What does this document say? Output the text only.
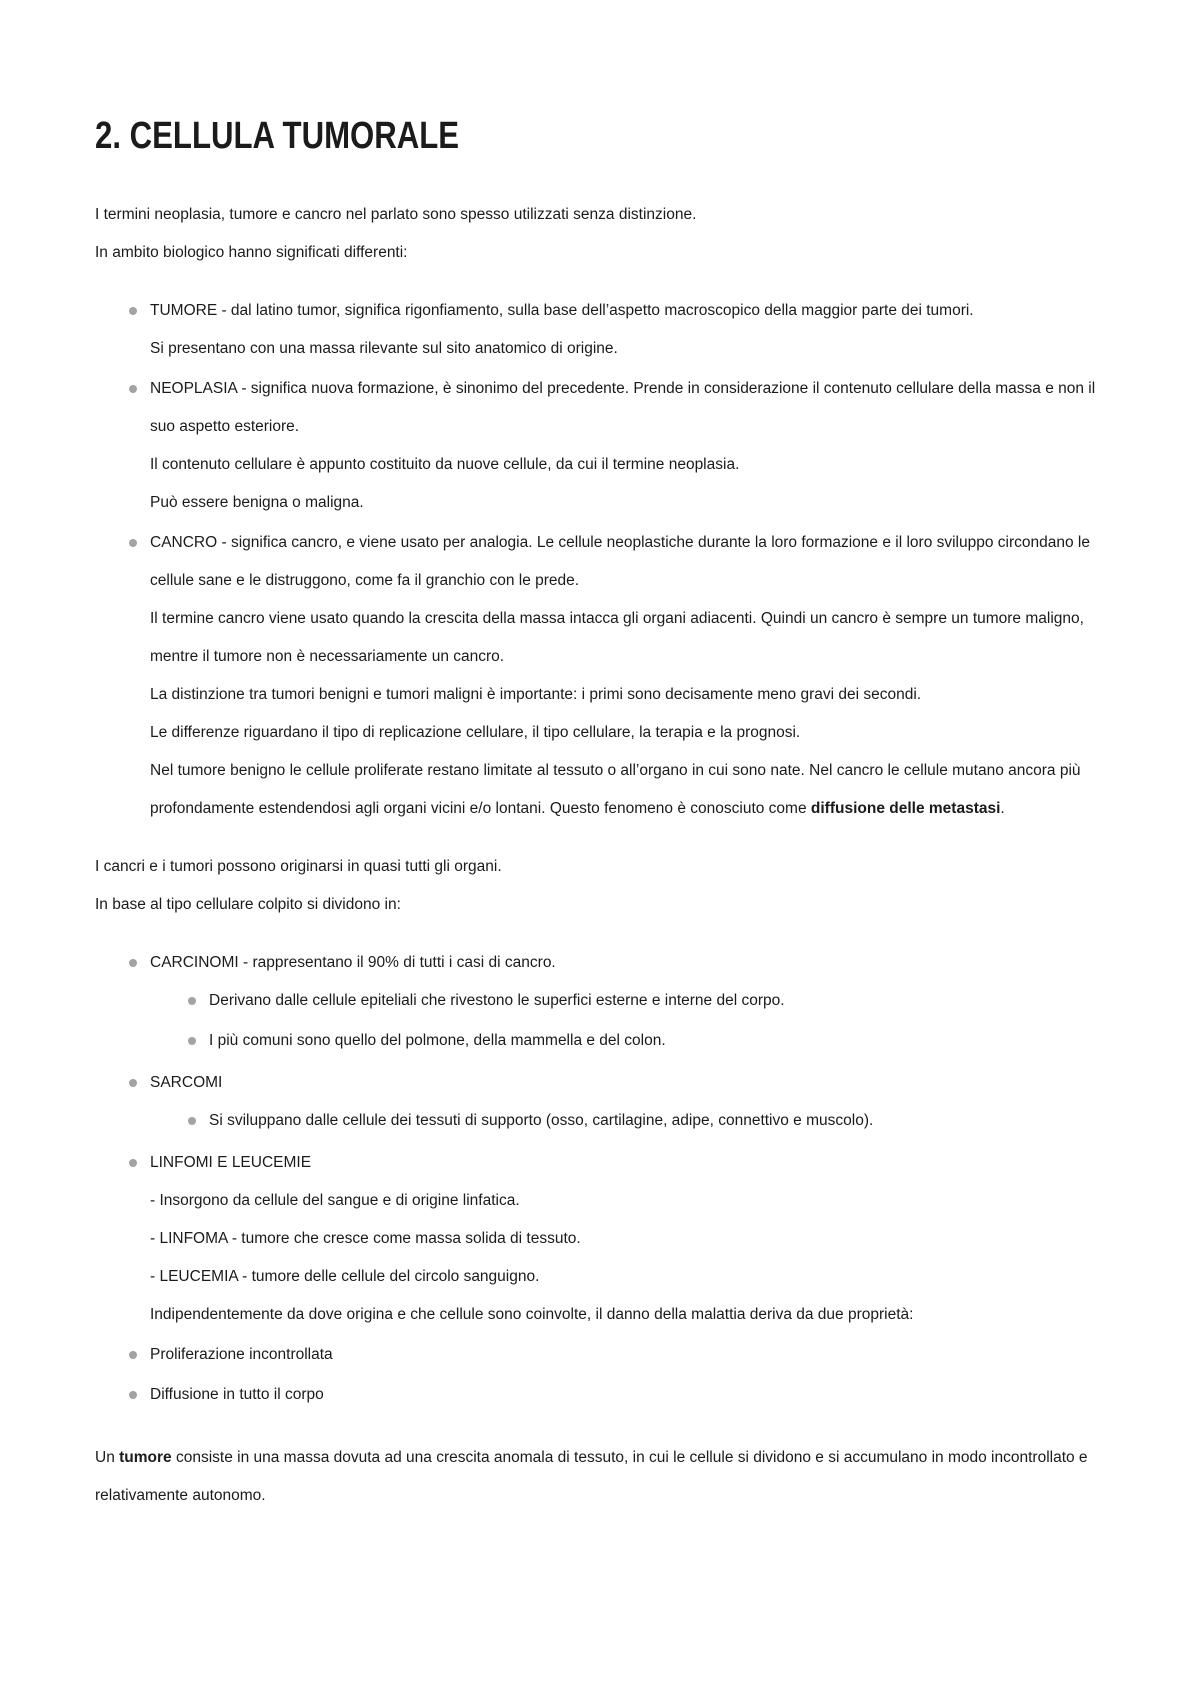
2. CELLULA TUMORALE

I termini neoplasia, tumore e cancro nel parlato sono spesso utilizzati senza distinzione.

In ambito biologico hanno significati differenti:

TUMORE - dal latino tumor, significa rigonfiamento, sulla base dell’aspetto macroscopico della maggior parte dei tumori.

Si presentano con una massa rilevante sul sito anatomico di origine.

NEOPLASIA - significa nuova formazione, è sinonimo del precedente. Prende in considerazione il contenuto cellulare della massa e non il suo aspetto esteriore.

Il contenuto cellulare è appunto costituito da nuove cellule, da cui il termine neoplasia.

Può essere benigna o maligna.

CANCRO - significa cancro, e viene usato per analogia. Le cellule neoplastiche durante la loro formazione e il loro sviluppo circondano le cellule sane e le distruggono, come fa il granchio con le prede.

Il termine cancro viene usato quando la crescita della massa intacca gli organi adiacenti. Quindi un cancro è sempre un tumore maligno, mentre il tumore non è necessariamente un cancro.

La distinzione tra tumori benigni e tumori maligni è importante: i primi sono decisamente meno gravi dei secondi.

Le differenze riguardano il tipo di replicazione cellulare, il tipo cellulare, la terapia e la prognosi.

Nel tumore benigno le cellule proliferate restano limitate al tessuto o all’organo in cui sono nate. Nel cancro le cellule mutano ancora più profondamente estendendosi agli organi vicini e/o lontani. Questo fenomeno è conosciuto come diffusione delle metastasi.

I cancri e i tumori possono originarsi in quasi tutti gli organi.

In base al tipo cellulare colpito si dividono in:

CARCINOMI - rappresentano il 90% di tutti i casi di cancro.

Derivano dalle cellule epiteliali che rivestono le superfici esterne e interne del corpo.

I più comuni sono quello del polmone, della mammella e del colon.

SARCOMI

Si sviluppano dalle cellule dei tessuti di supporto (osso, cartilagine, adipe, connettivo e muscolo).

LINFOMI E LEUCEMIE

- Insorgono da cellule del sangue e di origine linfatica.

- LINFOMA - tumore che cresce come massa solida di tessuto.

- LEUCEMIA - tumore delle cellule del circolo sanguigno.

Indipendentemente da dove origina e che cellule sono coinvolte, il danno della malattia deriva da due proprietà:

Proliferazione incontrollata

Diffusione in tutto il corpo

Un tumore consiste in una massa dovuta ad una crescita anomala di tessuto, in cui le cellule si dividono e si accumulano in modo incontrollato e relativamente autonomo.
